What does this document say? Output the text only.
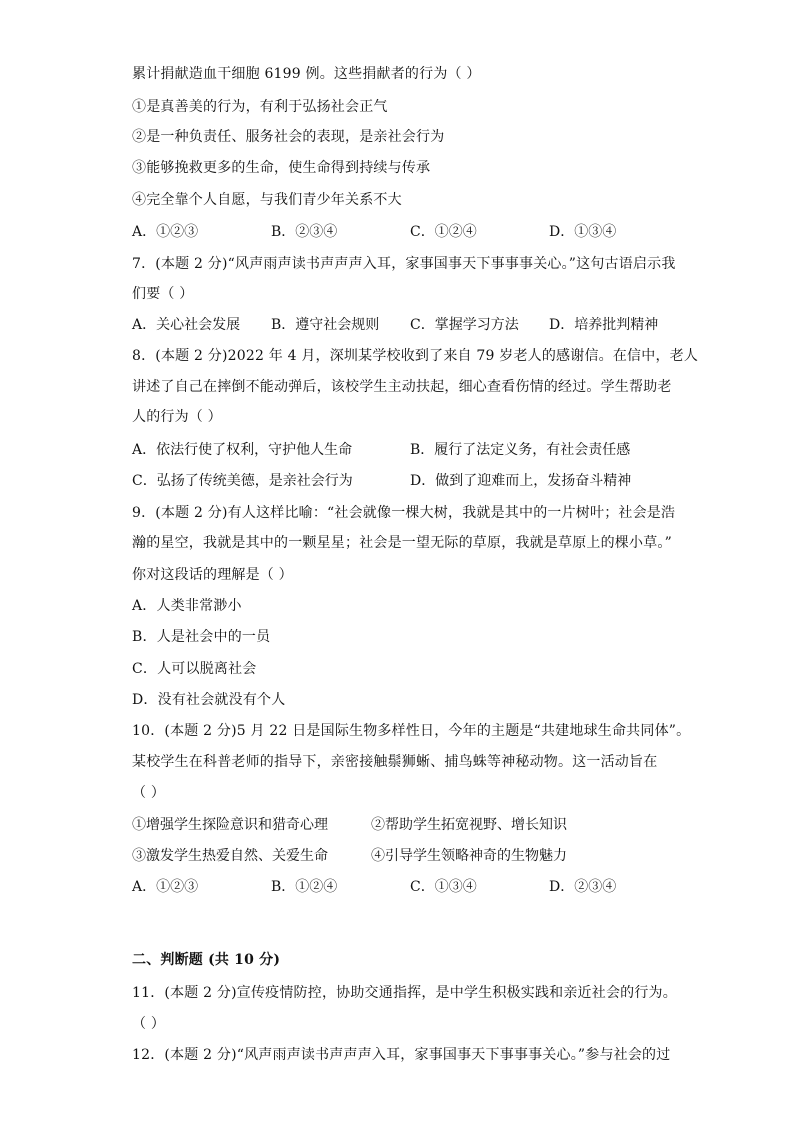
累计捐献造血干细胞 6199 例。这些捐献者的行为（ ）
①是真善美的行为，有利于弘扬社会正气
②是一种负责任、服务社会的表现，是亲社会行为
③能够挽救更多的生命，使生命得到持续与传承
④完全靠个人自愿，与我们青少年关系不大
A．①②③	B．②③④	C．①②④	D．①③④
7．(本题 2 分)“风声雨声读书声声声入耳，家事国事天下事事事关心。”这句古语启示我
们要（ ）
A．关心社会发展 B．遵守社会规则 C．掌握学习方法 D．培养批判精神
8．(本题 2 分)2022 年 4 月，深圳某学校收到了来自 79 岁老人的感谢信。在信中，老人
讲述了自己在摔倒不能动弹后，该校学生主动扶起，细心查看伤情的经过。学生帮助老
人的行为（ ）
A．依法行使了权利，守护他人生命	B．履行了法定义务，有社会责任感
C．弘扬了传统美德，是亲社会行为	D．做到了迎难而上，发扬奋斗精神
9．(本题 2 分)有人这样比喻：“社会就像一棵大树，我就是其中的一片树叶；社会是浩
瀚的星空，我就是其中的一颗星星；社会是一望无际的草原，我就是草原上的棵小草。”
你对这段话的理解是（ ）
A．人类非常渺小
B．人是社会中的一员
C．人可以脱离社会
D．没有社会就没有个人
10．(本题 2 分)5 月 22 日是国际生物多样性日，今年的主题是“共建地球生命共同体”。
某校学生在科普老师的指导下，亲密接触鬃狮蜥、捕鸟蛛等神秘动物。这一活动旨在
（ ）
①增强学生探险意识和猎奇心理	②帮助学生拓宽视野、增长知识
③激发学生热爱自然、关爱生命	④引导学生领略神奇的生物魅力
A．①②③	B．①②④	C．①③④	D．②③④
二、判断题 (共 10 分)
11．(本题 2 分)宣传疫情防控，协助交通指挥，是中学生积极实践和亲近社会的行为。
（ ）
12．(本题 2 分)“风声雨声读书声声声入耳，家事国事天下事事事关心。”参与社会的过
